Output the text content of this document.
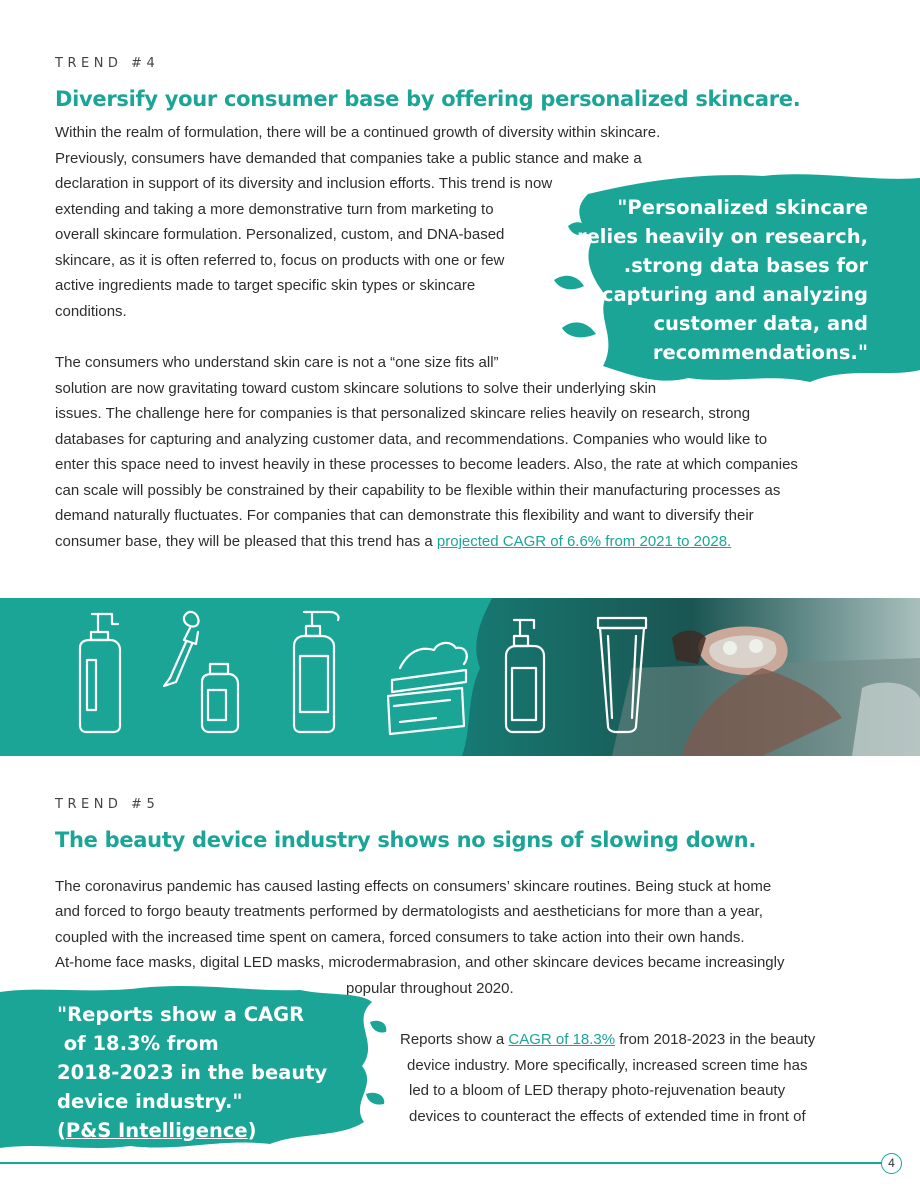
TREND #4
Diversify your consumer base by offering personalized skincare.
Within the realm of formulation, there will be a continued growth of diversity within skincare.
Previously, consumers have demanded that companies take a public stance and make a
declaration in support of its diversity and inclusion efforts. This trend is now
extending and taking a more demonstrative turn from marketing to
overall skincare formulation. Personalized, custom, and DNA-based
skincare, as it is often referred to, focus on products with one or few
active ingredients made to target specific skin types or skincare
conditions.
"Personalized skincare
relies heavily on research,
.strong data bases for
capturing and analyzing
customer data, and
recommendations."
The consumers who understand skin care is not a “one size fits all”
solution are now gravitating toward custom skincare solutions to solve their underlying skin
issues. The challenge here for companies is that personalized skincare relies heavily on research, strong
databases for capturing and analyzing customer data, and recommendations. Companies who would like to
enter this space need to invest heavily in these processes to become leaders. Also, the rate at which companies
can scale will possibly be constrained by their capability to be flexible within their manufacturing processes as
demand naturally fluctuates. For companies that can demonstrate this flexibility and want to diversify their
consumer base, they will be pleased that this trend has a projected CAGR of 6.6% from 2021 to 2028.
TREND #5
The beauty device industry shows no signs of slowing down.
The coronavirus pandemic has caused lasting effects on consumers’ skincare routines. Being stuck at home
and forced to forgo beauty treatments performed by dermatologists and aestheticians for more than a year,
coupled with the increased time spent on camera, forced consumers to take action into their own hands.
At-home face masks, digital LED masks, microdermabrasion, and other skincare devices became increasingly
popular throughout 2020.
"Reports show a CAGR
of 18.3% from
2018-2023 in the beauty
device industry."
(P&S Intelligence)
Reports show a CAGR of 18.3% from 2018-2023 in the beauty
device industry. More specifically, increased screen time has
led to a bloom of LED therapy photo-rejuvenation beauty
devices to counteract the effects of extended time in front of
4
